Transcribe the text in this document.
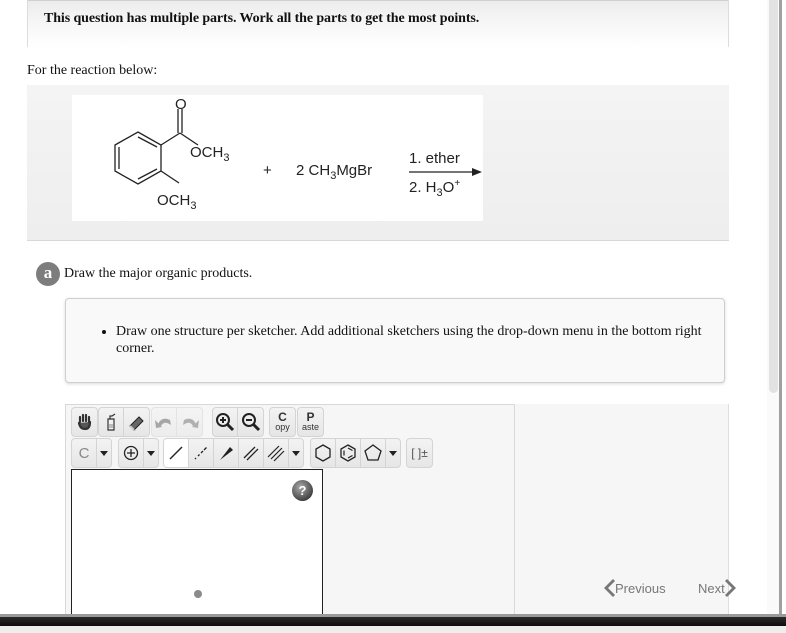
This question has multiple parts. Work all the parts to get the most points.
For the reaction below:
O
$OCH_3$
$OCH_3$
+ 2 $CH_3MgBr$
1. ether
2. $H_3O^+$
a Draw the major organic products.
• Draw one structure per sketcher. Add additional sketchers using the drop-down menu in the bottom right corner.
C
opy
P
aste
C	[ ]±
?
Previous Next
